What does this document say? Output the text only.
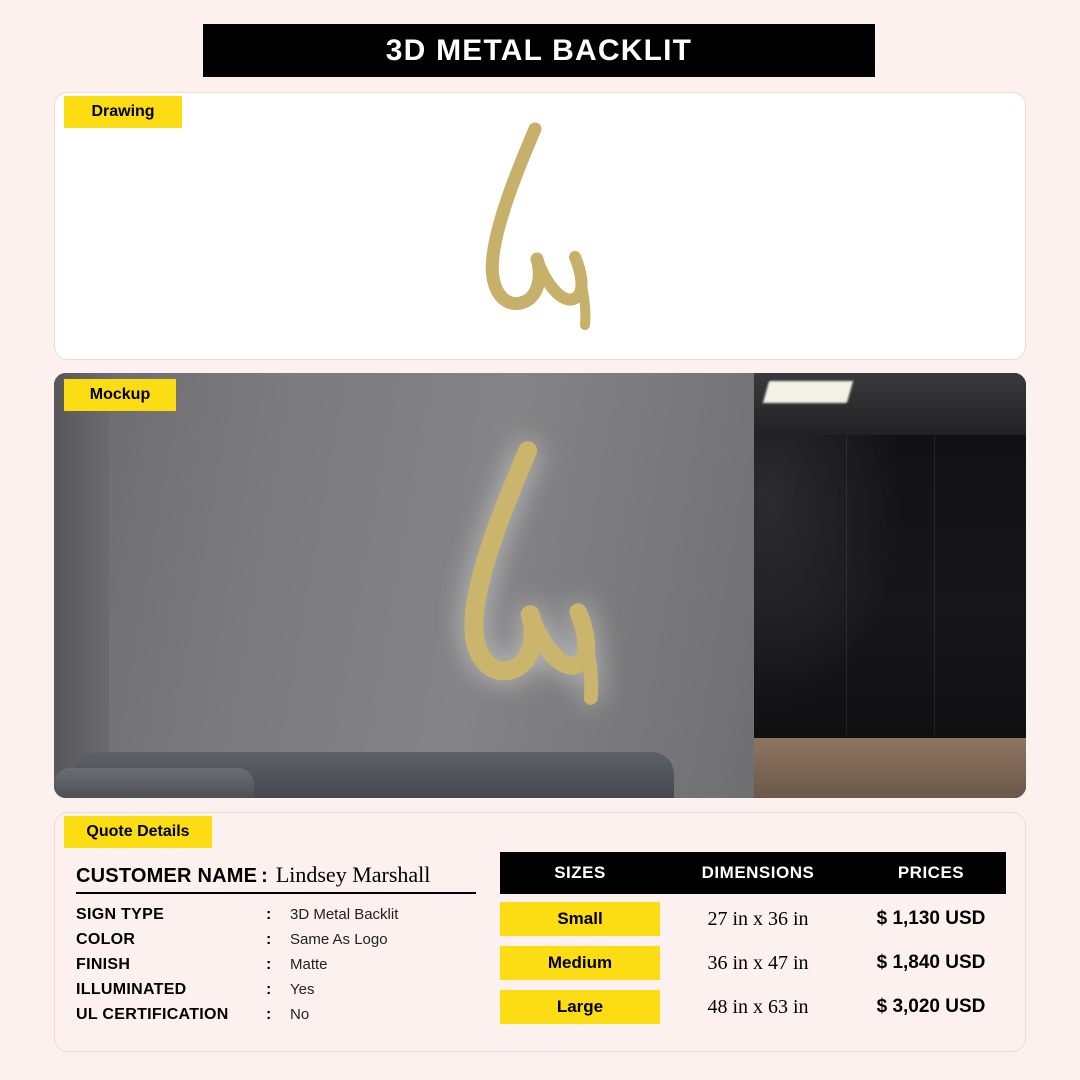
3D METAL BACKLIT
Drawing
Mockup
Quote Details
CUSTOMER NAME : Lindsey Marshall
SIGN TYPE	:	3D Metal Backlit
COLOR	:	Same As Logo
FINISH	:	Matte
ILLUMINATED	:	Yes
UL CERTIFICATION	:	No
SIZES	DIMENSIONS	PRICES
Small	27 in x 36 in	$ 1,130 USD
Medium	36 in x 47 in	$ 1,840 USD
Large	48 in x 63 in	$ 3,020 USD
